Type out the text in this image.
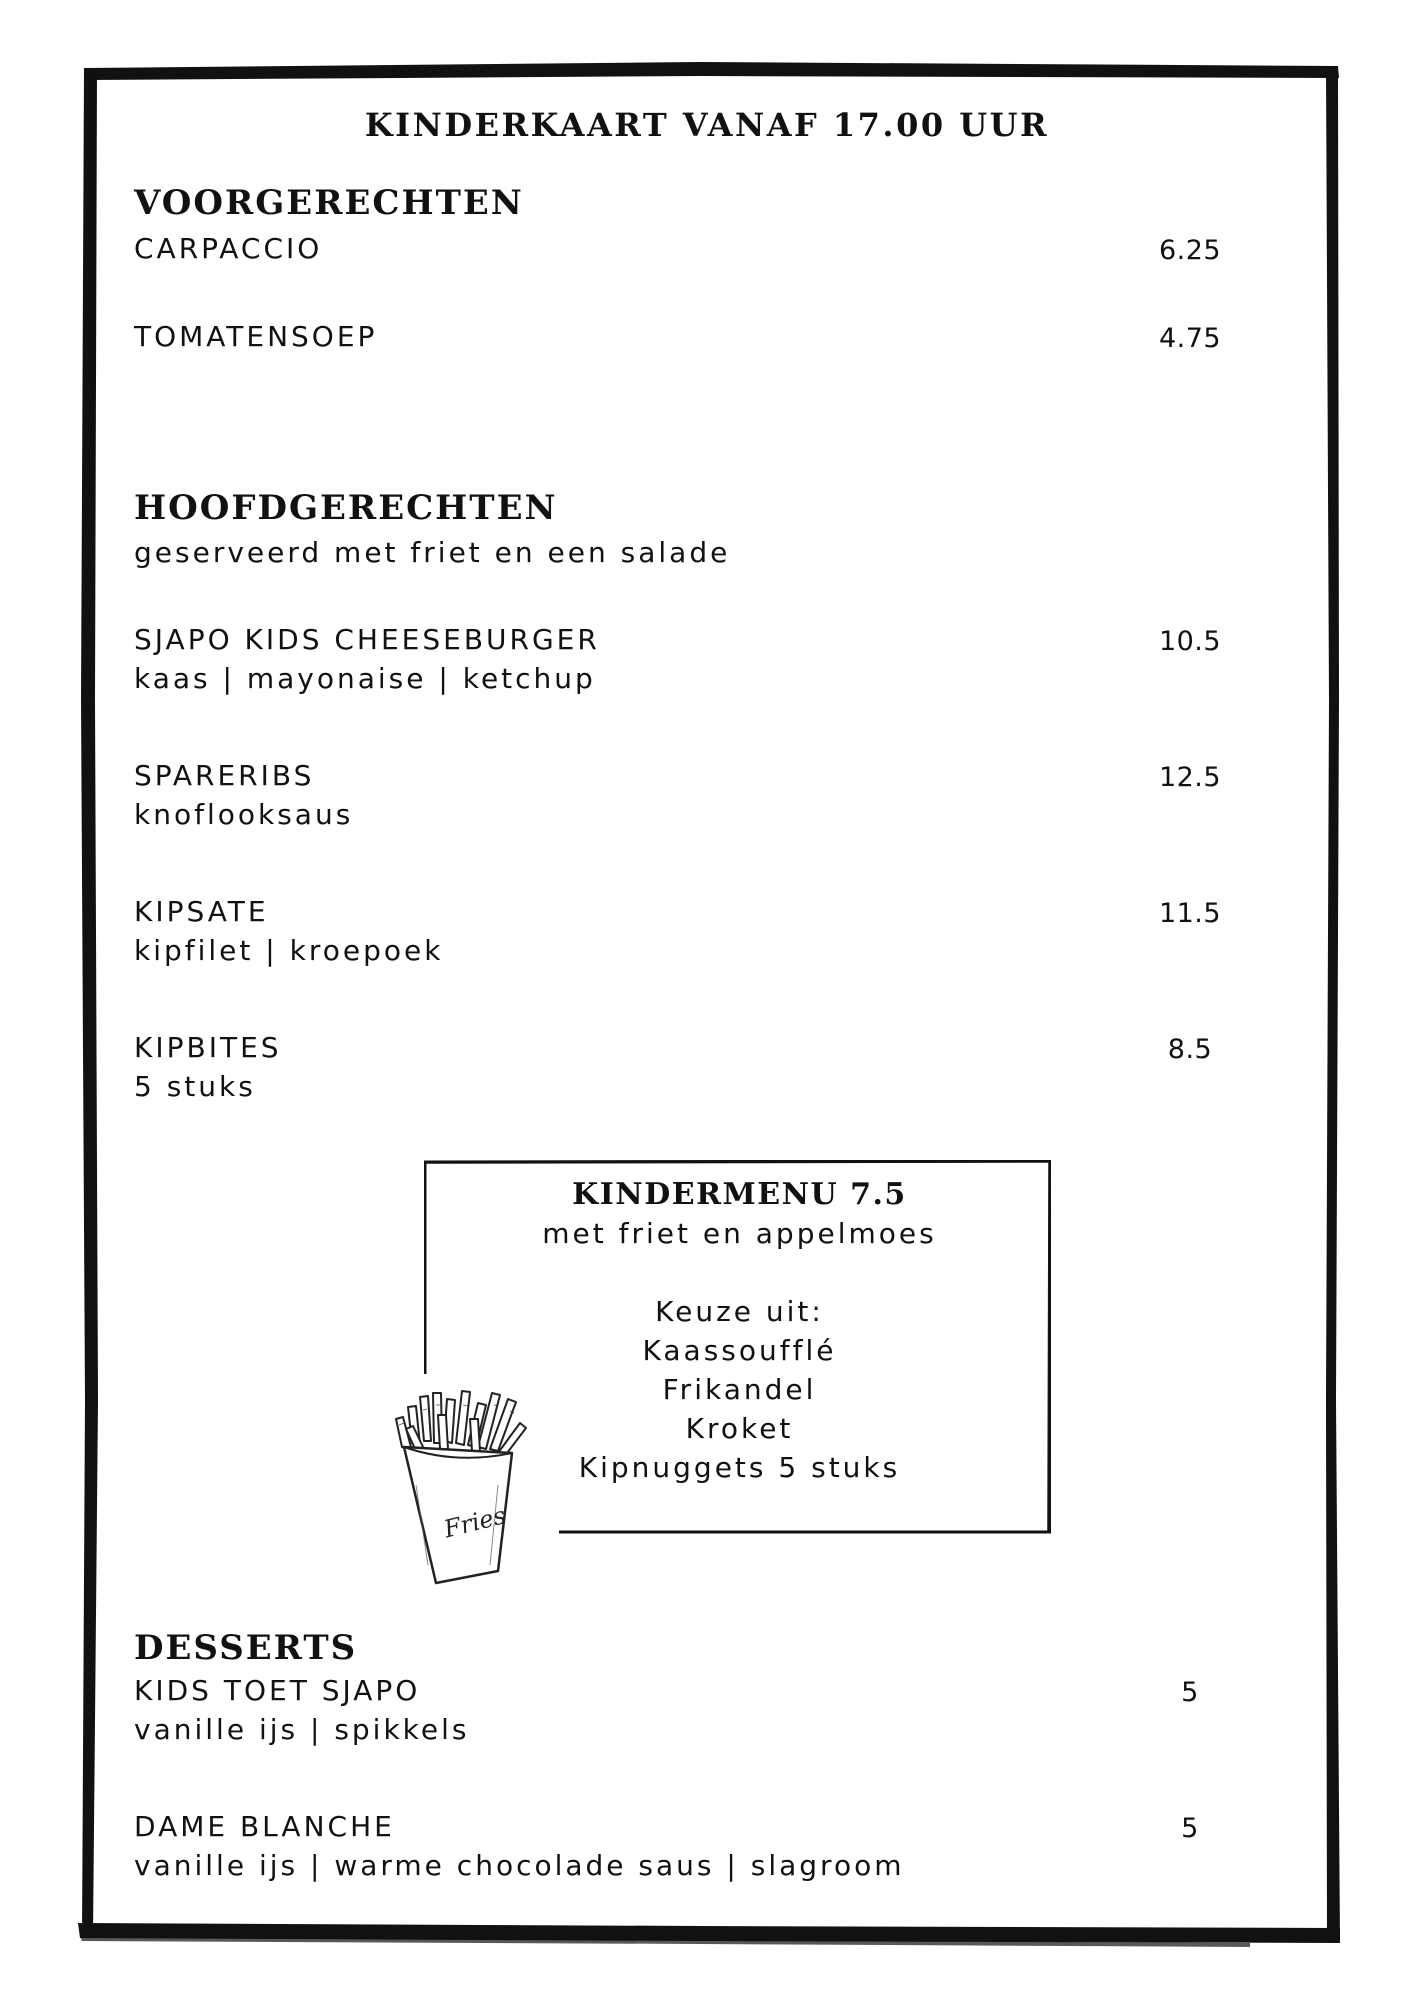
KINDERKAART VANAF 17.00 UUR
VOORGERECHTEN
CARPACCIO	6.25
TOMATENSOEP	4.75
HOOFDGERECHTEN
geserveerd met friet en een salade
SJAPO KIDS CHEESEBURGER	10.5
kaas | mayonaise | ketchup
SPARERIBS	12.5
knoflooksaus
KIPSATE	11.5
kipfilet | kroepoek
KIPBITES	8.5
5 stuks
KINDERMENU 7.5
met friet en appelmoes
Keuze uit:
Kaassoufflé
Frikandel
Kroket
Kipnuggets 5 stuks
Fries
DESSERTS
KIDS TOET SJAPO	5
vanille ijs | spikkels
DAME BLANCHE	5
vanille ijs | warme chocolade saus | slagroom
